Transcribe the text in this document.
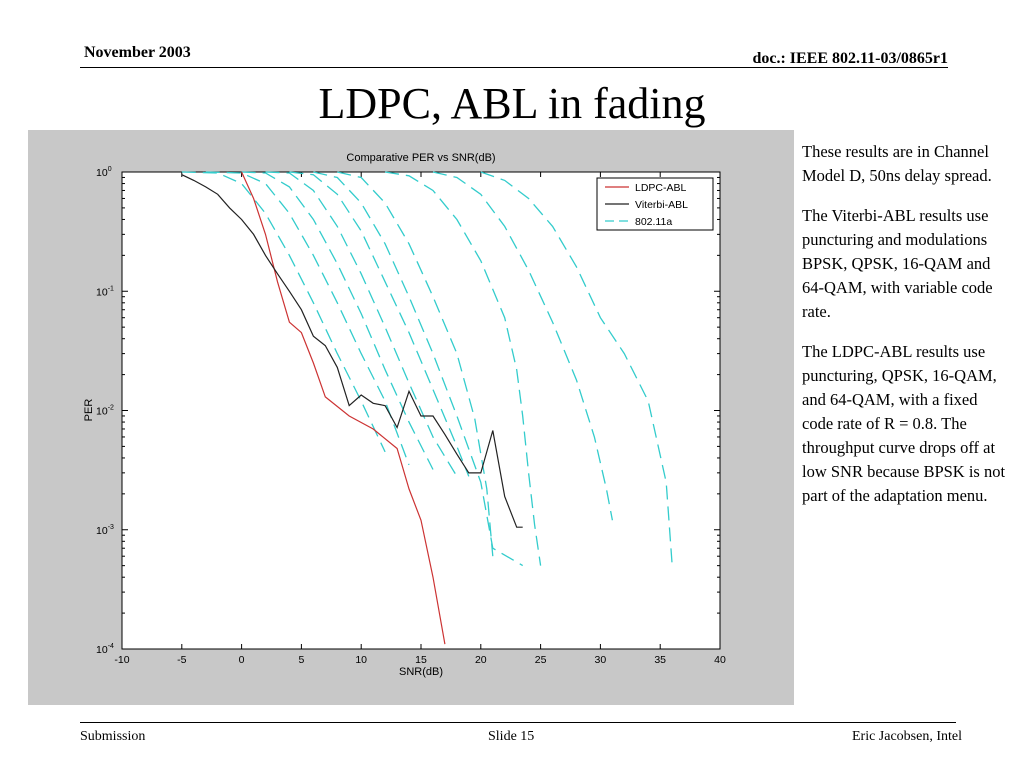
November 2003	doc.: IEEE 802.11-03/0865r1
LDPC, ABL in fading
Comparative PER vs SNR(dB)
SNR(dB)
PER
-10	-5	0	5	10	15	20	25	30	35	40
$10^0$
$10^{-1}$
$10^{-2}$
$10^{-3}$
$10^{-4}$
LDPC-ABL
Viterbi-ABL
802.11a

These results are in Channel Model D, 50ns delay spread.

The Viterbi-ABL results use puncturing and modulations BPSK, QPSK, 16-QAM and 64-QAM, with variable code rate.

The LDPC-ABL results use puncturing, QPSK, 16-QAM, and 64-QAM, with a fixed code rate of R = 0.8. The throughput curve drops off at low SNR because BPSK is not part of the adaptation menu.

Submission	Slide 15	Eric Jacobsen, Intel
